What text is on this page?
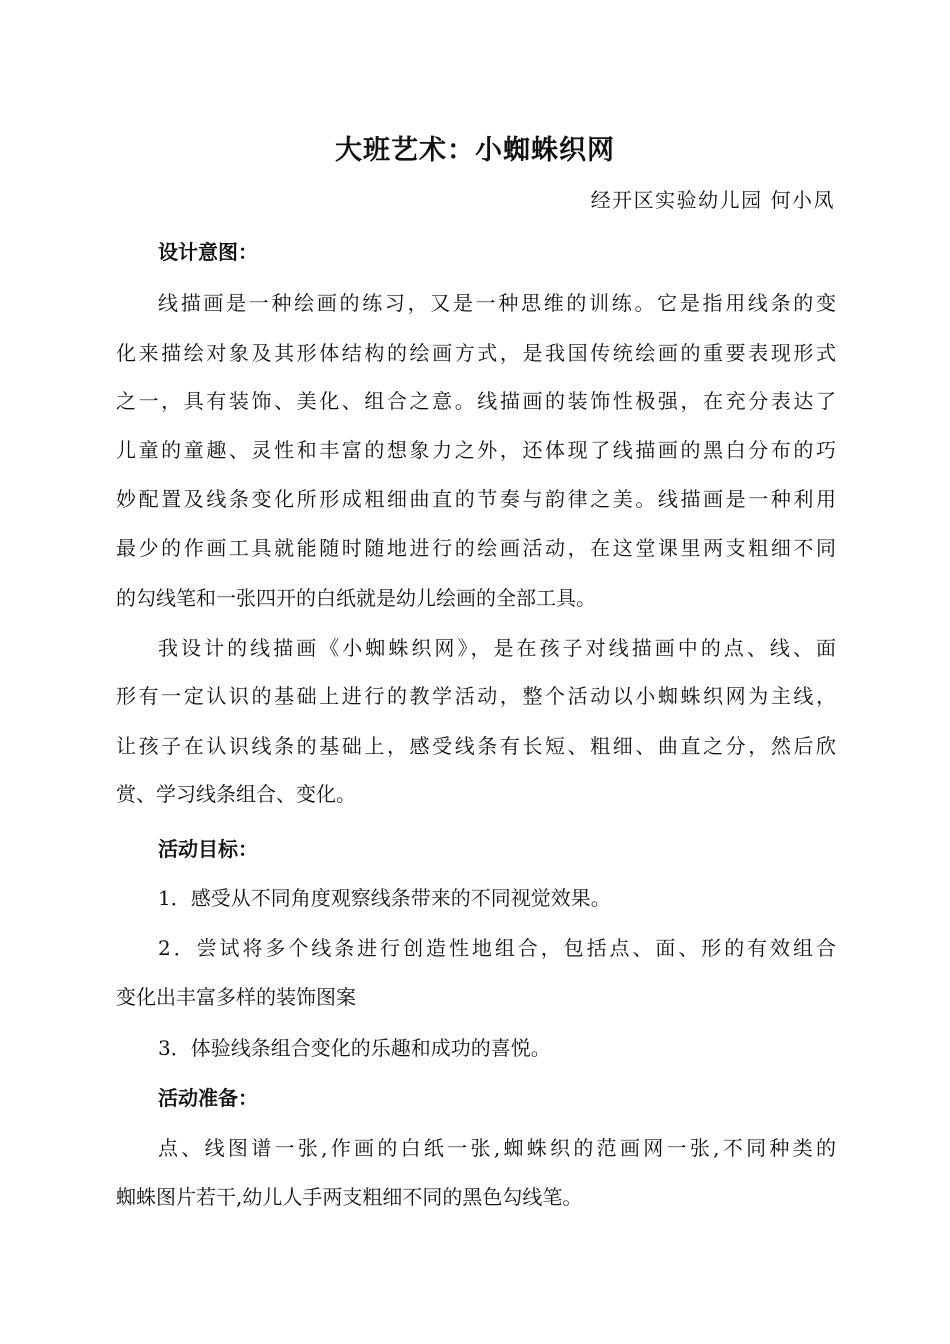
大班艺术：小蜘蛛织网
经开区实验幼儿园 何小凤
设计意图：
线描画是一种绘画的练习，又是一种思维的训练。它是指用线条的变
化来描绘对象及其形体结构的绘画方式，是我国传统绘画的重要表现形式
之一，具有装饰、美化、组合之意。线描画的装饰性极强，在充分表达了
儿童的童趣、灵性和丰富的想象力之外，还体现了线描画的黑白分布的巧
妙配置及线条变化所形成粗细曲直的节奏与韵律之美。线描画是一种利用
最少的作画工具就能随时随地进行的绘画活动，在这堂课里两支粗细不同
的勾线笔和一张四开的白纸就是幼儿绘画的全部工具。
我设计的线描画《小蜘蛛织网》，是在孩子对线描画中的点、线、面
形有一定认识的基础上进行的教学活动，整个活动以小蜘蛛织网为主线，
让孩子在认识线条的基础上，感受线条有长短、粗细、曲直之分，然后欣
赏、学习线条组合、变化。
活动目标：
1．感受从不同角度观察线条带来的不同视觉效果。
2．尝试将多个线条进行创造性地组合，包括点、面、形的有效组合
变化出丰富多样的装饰图案
3．体验线条组合变化的乐趣和成功的喜悦。
活动准备：
点、线图谱一张,作画的白纸一张,蜘蛛织的范画网一张,不同种类的
蜘蛛图片若干,幼儿人手两支粗细不同的黑色勾线笔。
